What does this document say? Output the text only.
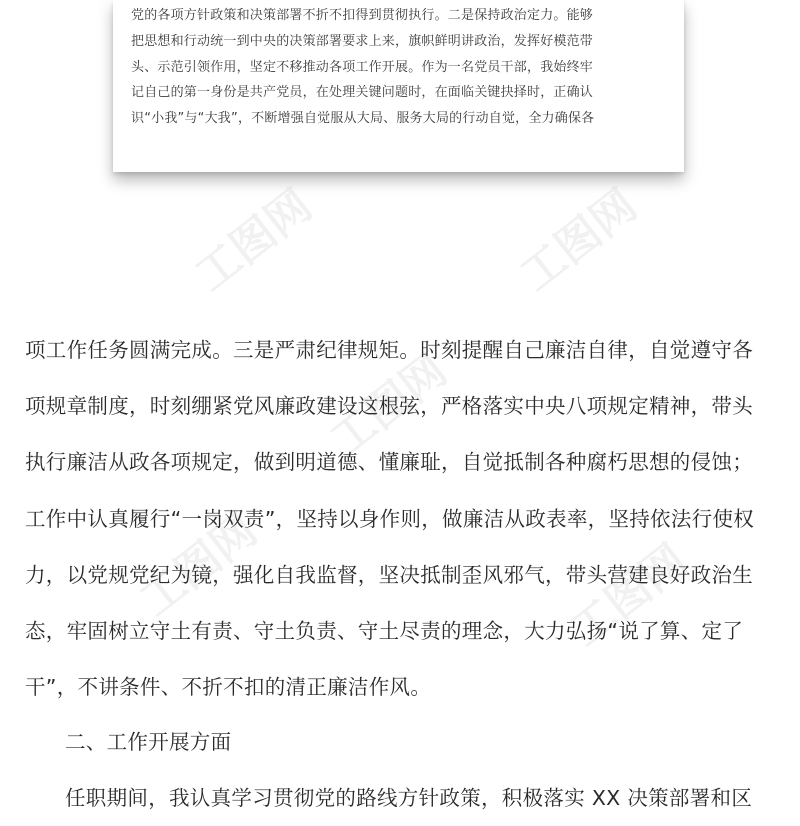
党的各项方针政策和决策部署不折不扣得到贯彻执行。二是保持政治定力。能够
把思想和行动统一到中央的决策部署要求上来，旗帜鲜明讲政治，发挥好模范带
头、示范引领作用，坚定不移推动各项工作开展。作为一名党员干部，我始终牢
记自己的第一身份是共产党员，在处理关键问题时，在面临关键抉择时，正确认
识“小我”与“大我”，不断增强自觉服从大局、服务大局的行动自觉，全力确保各
工图网	工图网
工图网
工图网	工图网
项工作任务圆满完成。三是严肃纪律规矩。时刻提醒自己廉洁自律，自觉遵守各
项规章制度，时刻绷紧党风廉政建设这根弦，严格落实中央八项规定精神，带头
执行廉洁从政各项规定，做到明道德、懂廉耻，自觉抵制各种腐朽思想的侵蚀；
工作中认真履行“一岗双责”，坚持以身作则，做廉洁从政表率，坚持依法行使权
力，以党规党纪为镜，强化自我监督，坚决抵制歪风邪气，带头营建良好政治生
态，牢固树立守土有责、守土负责、守土尽责的理念，大力弘扬“说了算、定了
干”，不讲条件、不折不扣的清正廉洁作风。
二、工作开展方面

任职期间，我认真学习贯彻党的路线方针政策，积极落实 XX 决策部署和区
